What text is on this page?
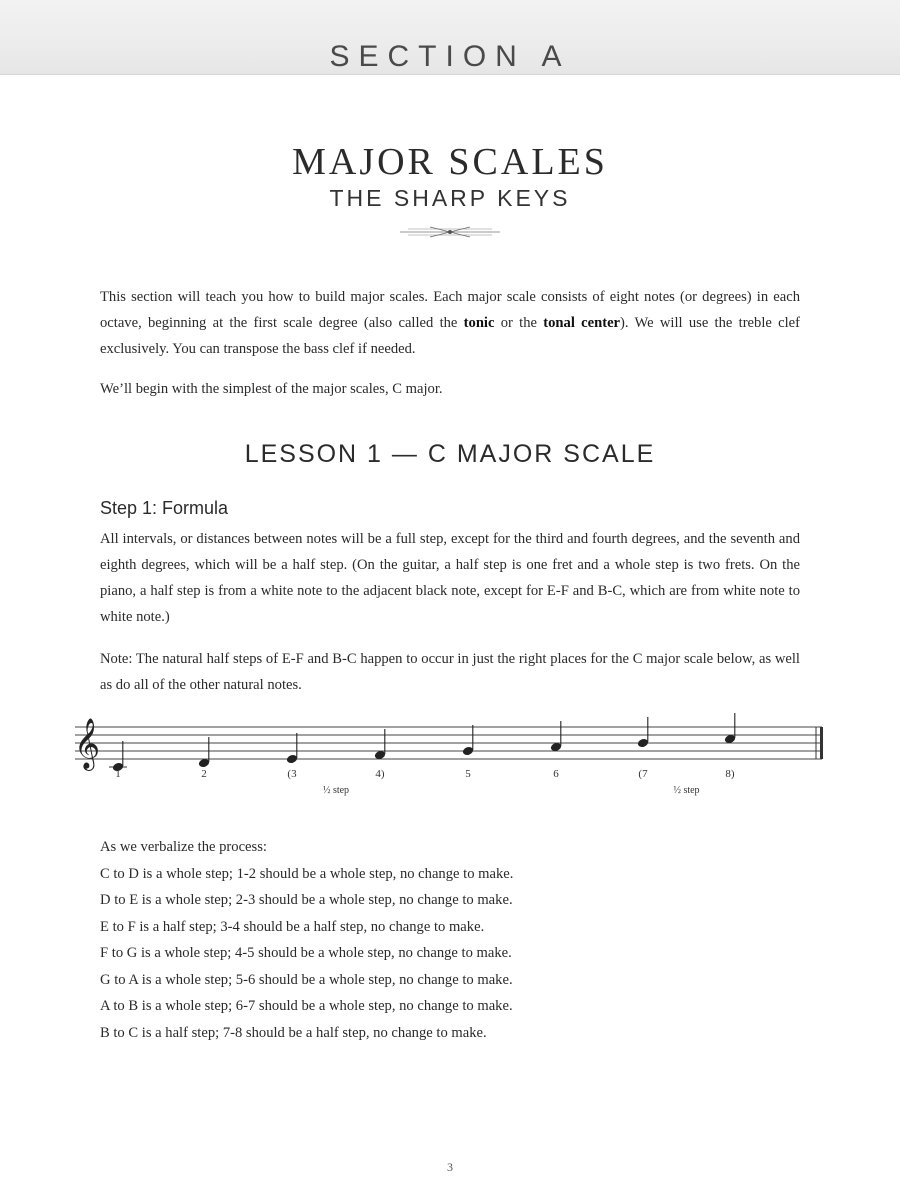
SECTION A
MAJOR SCALES
THE SHARP KEYS
This section will teach you how to build major scales. Each major scale consists of eight notes (or degrees) in each octave, beginning at the first scale degree (also called the tonic or the tonal center). We will use the treble clef exclusively. You can transpose the bass clef if needed.
We’ll begin with the simplest of the major scales, C major.
LESSON 1 — C MAJOR SCALE
Step 1: Formula
All intervals, or distances between notes will be a full step, except for the third and fourth degrees, and the seventh and eighth degrees, which will be a half step. (On the guitar, a half step is one fret and a whole step is two frets. On the piano, a half step is from a white note to the adjacent black note, except for E-F and B-C, which are from white note to white note.)
Note: The natural half steps of E-F and B-C happen to occur in just the right places for the C major scale below, as well as do all of the other natural notes.
𝄞
1	2	(3	4)	5	6	(7	8)
½ step	½ step
As we verbalize the process:
C to D is a whole step; 1-2 should be a whole step, no change to make.
D to E is a whole step; 2-3 should be a whole step, no change to make.
E to F is a half step; 3-4 should be a half step, no change to make.
F to G is a whole step; 4-5 should be a whole step, no change to make.
G to A is a whole step; 5-6 should be a whole step, no change to make.
A to B is a whole step; 6-7 should be a whole step, no change to make.
B to C is a half step; 7-8 should be a half step, no change to make.
3
